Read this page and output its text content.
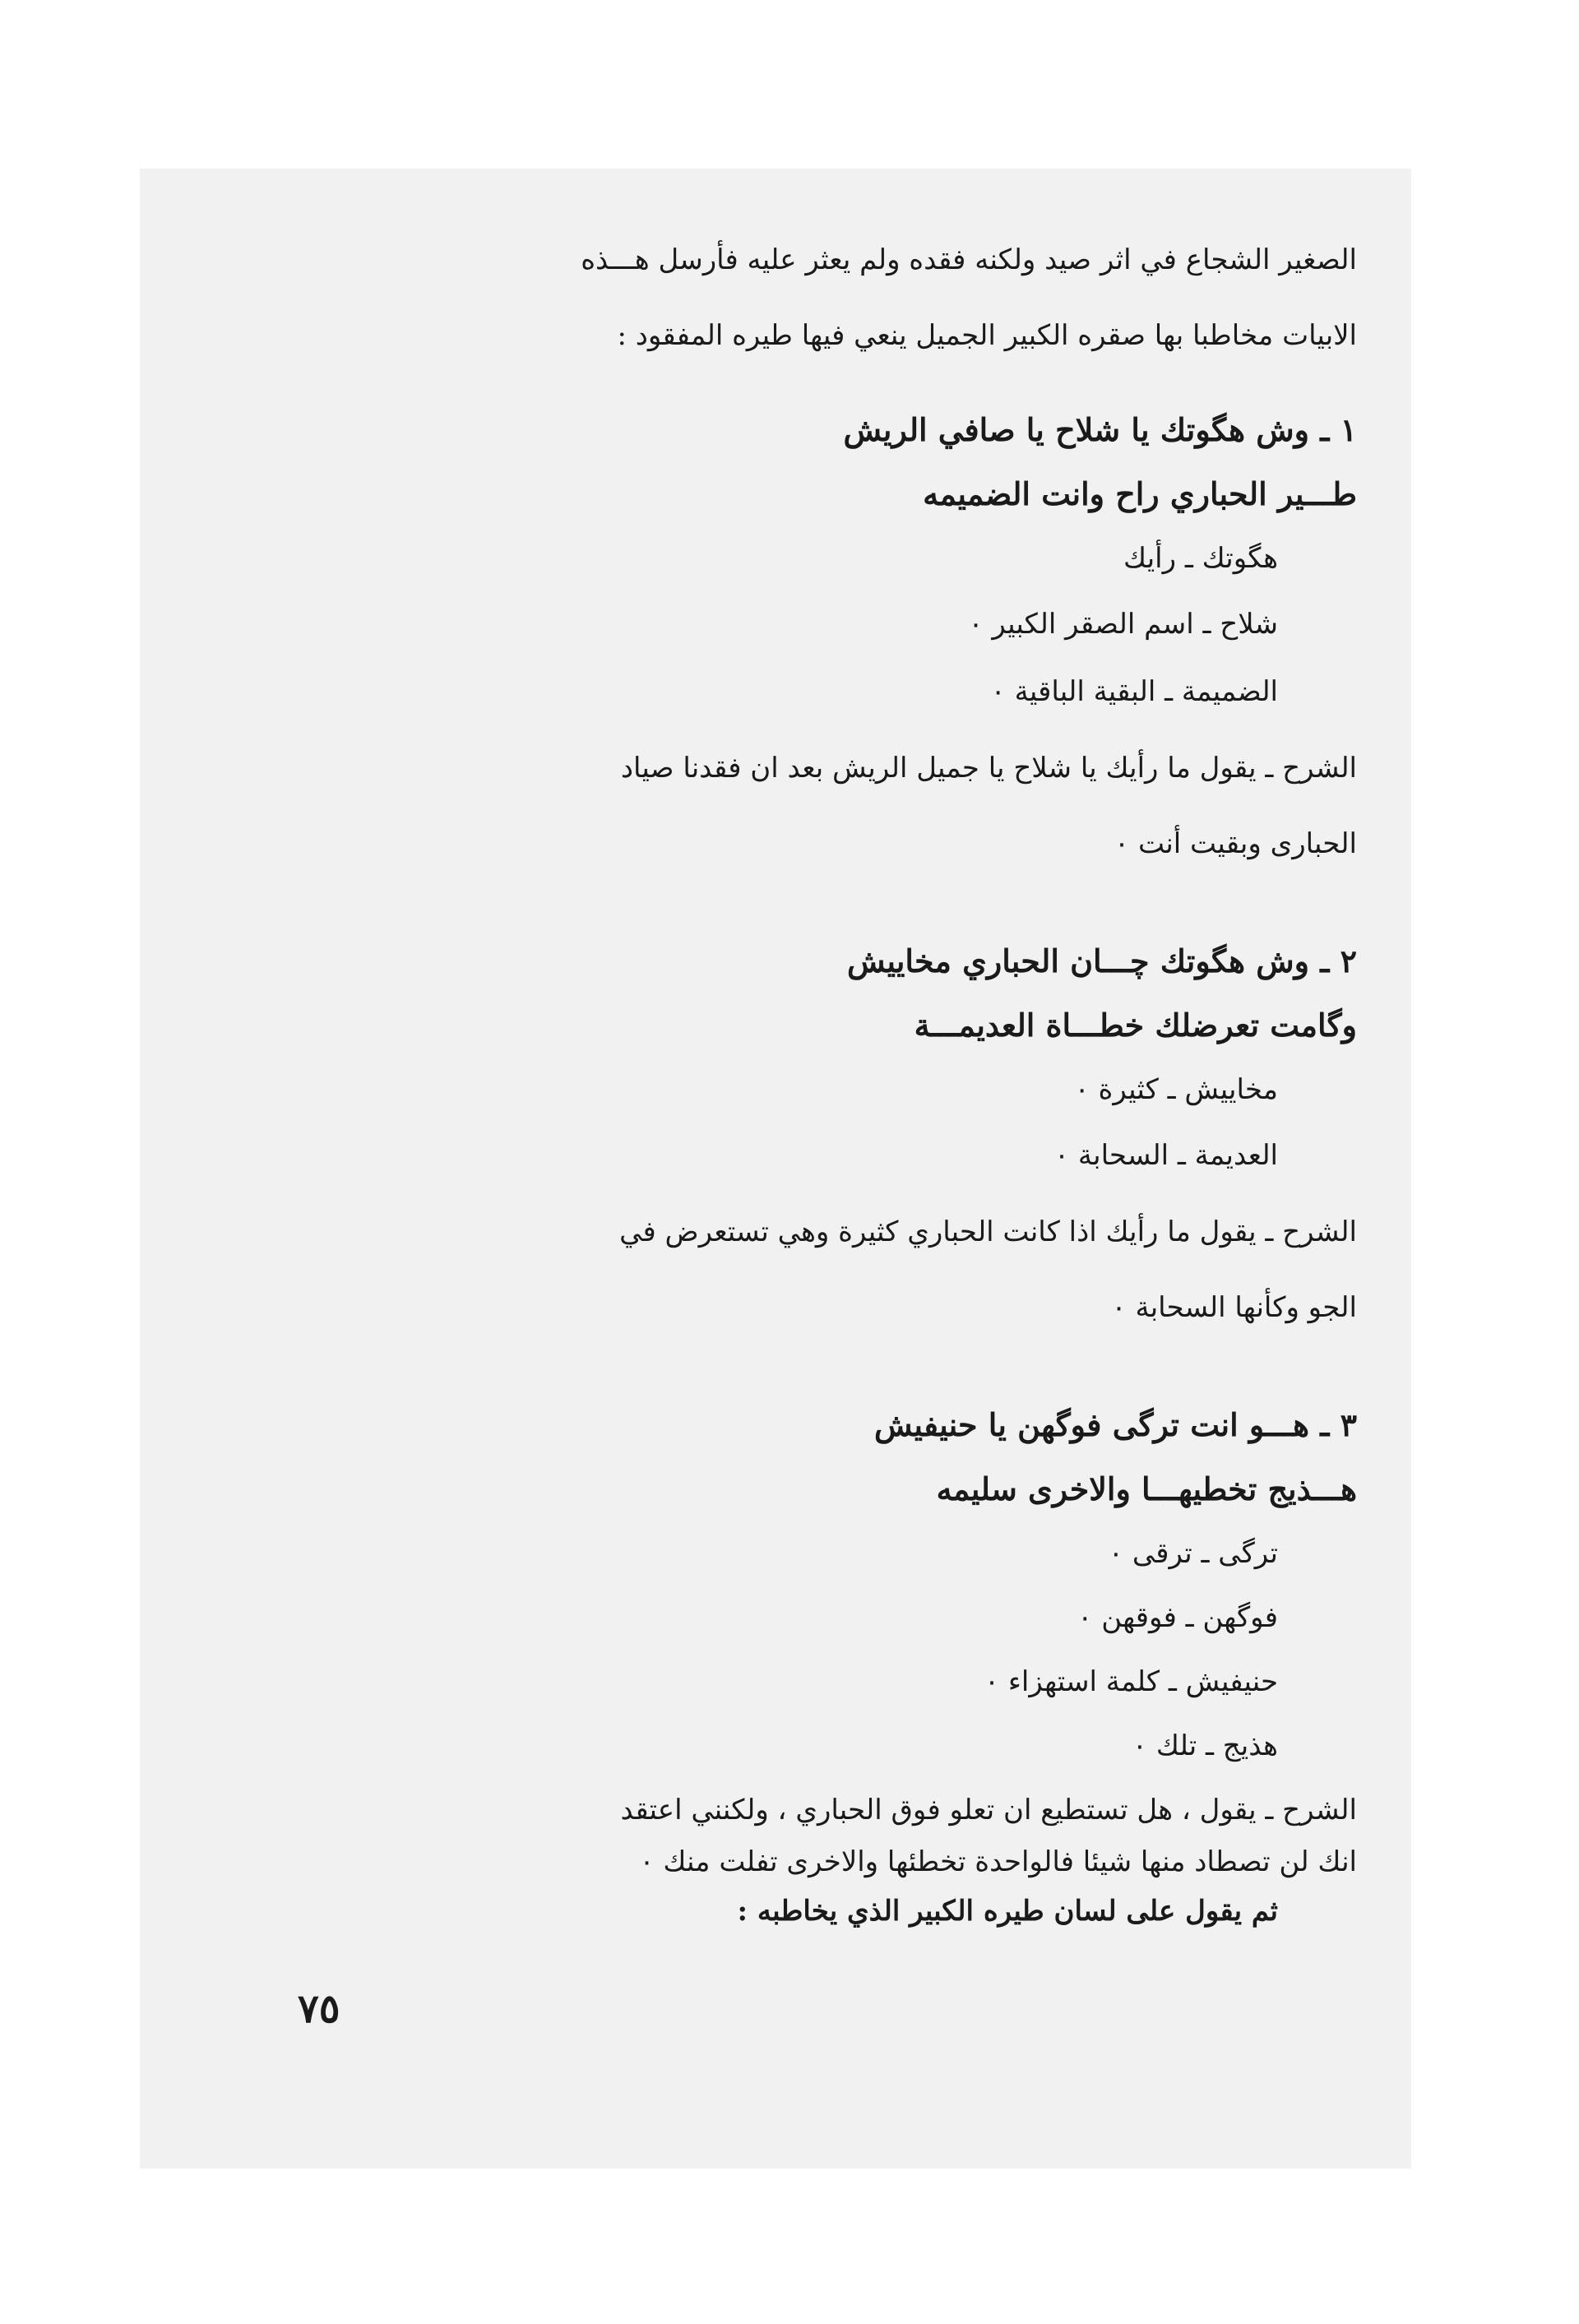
الصغير الشجاع في اثر صيد ولكنه فقده ولم يعثر عليه فأرسل هـــذه

الابيات مخاطبا بها صقره الكبير الجميل ينعي فيها طيره المفقود :

١ ـ وش هگوتك يا شلاح يا صافي الريش

طـــير الحباري راح وانت الضميمه

هگوتك ـ رأيك

شلاح ـ اسم الصقر الكبير ٠

الضميمة ـ البقية الباقية ٠

الشرح ـ يقول ما رأيك يا شلاح يا جميل الريش بعد ان فقدنا صياد

الحبارى وبقيت أنت ٠

٢ ـ وش هگوتك چـــان الحباري مخاييش

وگامت تعرضلك خطـــاة العديمـــة

مخاييش ـ كثيرة ٠

العديمة ـ السحابة ٠

الشرح ـ يقول ما رأيك اذا كانت الحباري كثيرة وهي تستعرض في

الجو وكأنها السحابة ٠

٣ ـ هـــو انت ترگى فوگهن يا حنيفيش

هـــذيج تخطيهـــا والاخرى سليمه

ترگى ـ ترقى ٠

فوگهن ـ فوقهن ٠

حنيفيش ـ كلمة استهزاء ٠

هذيج ـ تلك ٠

الشرح ـ يقول ، هل تستطيع ان تعلو فوق الحباري ، ولكنني اعتقد

انك لن تصطاد منها شيئا فالواحدة تخطئها والاخرى تفلت منك ٠

ثم يقول على لسان طيره الكبير الذي يخاطبه :

٧٥
